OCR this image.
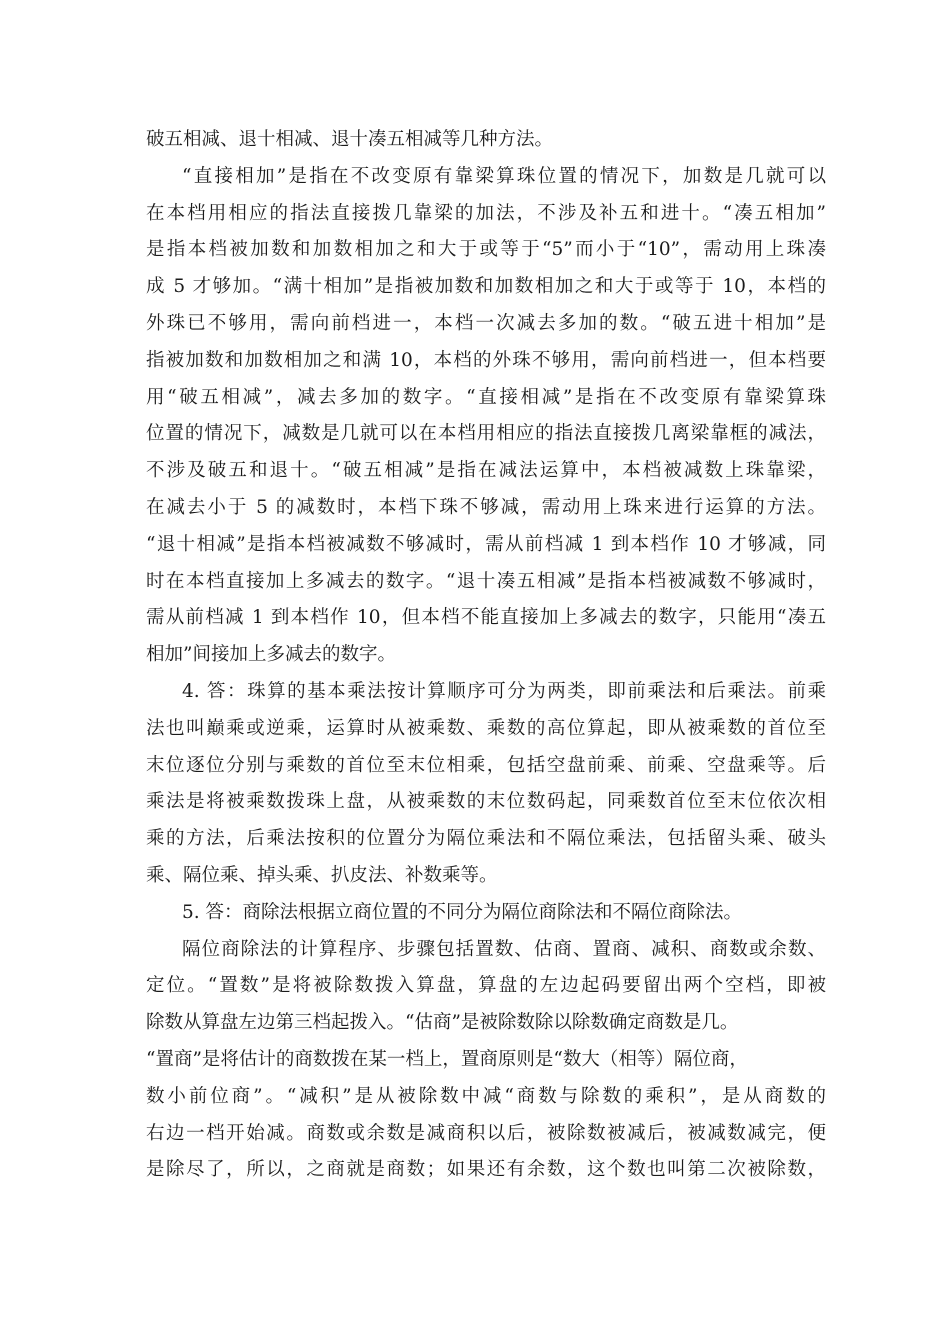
破五相减、退十相减、退十凑五相减等几种方法。
“直接相加”是指在不改变原有靠梁算珠位置的情况下，加数是几就可以
在本档用相应的指法直接拨几靠梁的加法，不涉及补五和进十。“凑五相加”
是指本档被加数和加数相加之和大于或等于“5”而小于“10”，需动用上珠凑
成 5 才够加。“满十相加”是指被加数和加数相加之和大于或等于 10，本档的
外珠已不够用，需向前档进一，本档一次减去多加的数。“破五进十相加”是
指被加数和加数相加之和满 10，本档的外珠不够用，需向前档进一，但本档要
用“破五相减”，减去多加的数字。“直接相减”是指在不改变原有靠梁算珠
位置的情况下，减数是几就可以在本档用相应的指法直接拨几离梁靠框的减法，
不涉及破五和退十。“破五相减”是指在减法运算中，本档被减数上珠靠梁，
在减去小于 5 的减数时，本档下珠不够减，需动用上珠来进行运算的方法。
“退十相减”是指本档被减数不够减时，需从前档减 1 到本档作 10 才够减，同
时在本档直接加上多减去的数字。“退十凑五相减”是指本档被减数不够减时，
需从前档减 1 到本档作 10，但本档不能直接加上多减去的数字，只能用“凑五
相加”间接加上多减去的数字。
4. 答：珠算的基本乘法按计算顺序可分为两类，即前乘法和后乘法。前乘
法也叫巅乘或逆乘，运算时从被乘数、乘数的高位算起，即从被乘数的首位至
末位逐位分别与乘数的首位至末位相乘，包括空盘前乘、前乘、空盘乘等。后
乘法是将被乘数拨珠上盘，从被乘数的末位数码起，同乘数首位至末位依次相
乘的方法，后乘法按积的位置分为隔位乘法和不隔位乘法，包括留头乘、破头
乘、隔位乘、掉头乘、扒皮法、补数乘等。
5. 答：商除法根据立商位置的不同分为隔位商除法和不隔位商除法。
隔位商除法的计算程序、步骤包括置数、估商、置商、减积、商数或余数、
定位。“置数”是将被除数拨入算盘，算盘的左边起码要留出两个空档，即被
除数从算盘左边第三档起拨入。“估商”是被除数除以除数确定商数是几。
“置商”是将估计的商数拨在某一档上，置商原则是“数大（相等）隔位商，
数小前位商”。“减积”是从被除数中减“商数与除数的乘积”，是从商数的
右边一档开始减。商数或余数是减商积以后，被除数被减后，被减数减完，便
是除尽了，所以，之商就是商数；如果还有余数，这个数也叫第二次被除数，
